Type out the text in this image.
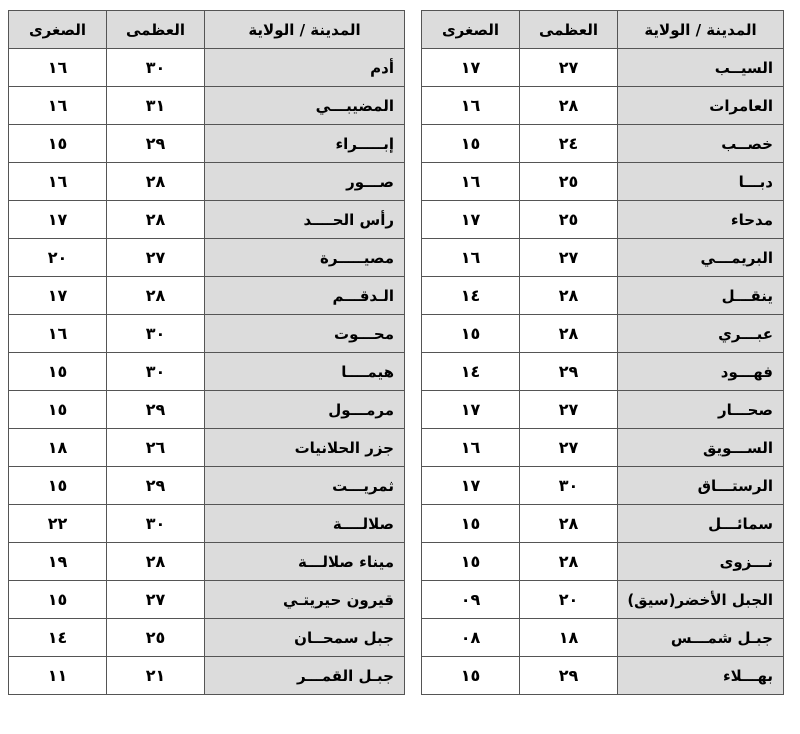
المدينة / الولاية	العظمى	الصغرى
أدم	٣٠	١٦
المضيبـــي	٣١	١٦
إبـــــراء	٢٩	١٥
صـــور	٢٨	١٦
رأس الحــــد	٢٨	١٧
مصيـــــرة	٢٧	٢٠
الـدقـــم	٢٨	١٧
محـــوت	٣٠	١٦
هيمــــا	٣٠	١٥
مرمـــول	٢٩	١٥
جزر الحلانيات	٢٦	١٨
ثمريـــت	٢٩	١٥
صلالــــة	٣٠	٢٢
ميناء صلالـــة	٢٨	١٩
قيرون حيريتـي	٢٧	١٥
جبل سمحــان	٢٥	١٤
جبـل القمـــر	٢١	١١
المدينة / الولاية	العظمى	الصغرى
السيــب	٢٧	١٧
العامرات	٢٨	١٦
خصــب	٢٤	١٥
دبـــا	٢٥	١٦
مدحاء	٢٥	١٧
البريمـــي	٢٧	١٦
ينقـــل	٢٨	١٤
عبـــري	٢٨	١٥
فهـــود	٢٩	١٤
صحـــار	٢٧	١٧
الســـويق	٢٧	١٦
الرستـــاق	٣٠	١٧
سمائـــل	٢٨	١٥
نـــزوى	٢٨	١٥
الجبل الأخضر(سيق)	٢٠	٠٩
جبـل شمـــس	١٨	٠٨
بهـــلاء	٢٩	١٥
